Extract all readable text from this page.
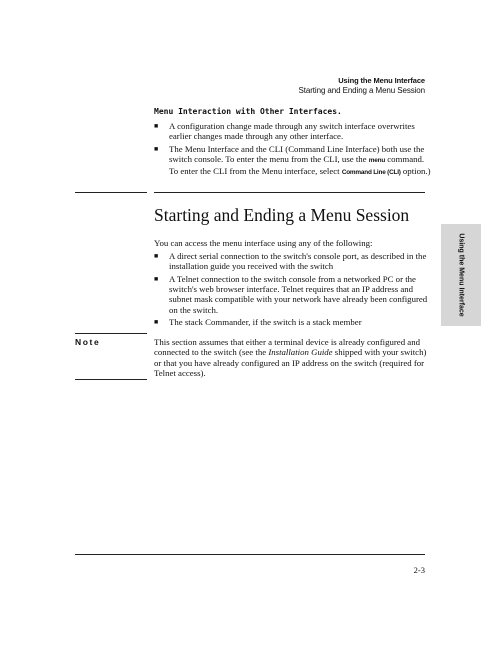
Using the Menu Interface
Starting and Ending a Menu Session
Menu Interaction with Other Interfaces.
■ A configuration change made through any switch interface overwrites
earlier changes made through any other interface.
■ The Menu Interface and the CLI (Command Line Interface) both use the
switch console. To enter the menu from the CLI, use the menu command.
To enter the CLI from the Menu interface, select Command Line (CLI) option.)
Starting and Ending a Menu Session

You can access the menu interface using any of the following:

■ A direct serial connection to the switch's console port, as described in the
installation guide you received with the switch
■ A Telnet connection to the switch console from a networked PC or the
switch's web browser interface. Telnet requires that an IP address and
subnet mask compatible with your network have already been configured
on the switch.
■ The stack Commander, if the switch is a stack member
Using the Menu Interface
Note	This section assumes that either a terminal device is already configured and
connected to the switch (see the Installation Guide shipped with your switch)
or that you have already configured an IP address on the switch (required for
Telnet access).

2-3
